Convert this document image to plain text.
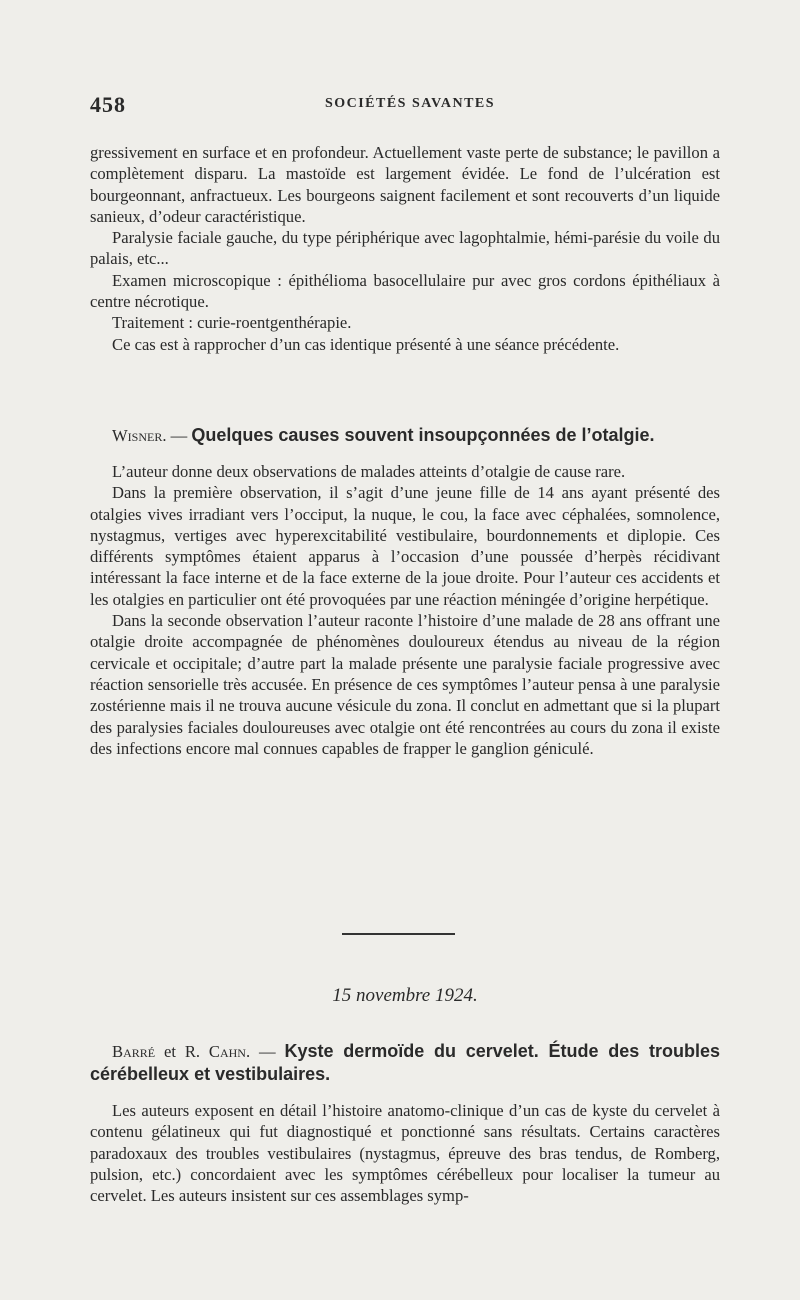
458	SOCIÉTÉS SAVANTES

gressivement en surface et en profondeur. Actuellement vaste perte de substance; le pavillon a complètement disparu. La mastoïde est largement évidée. Le fond de l’ulcération est bourgeonnant, anfractueux. Les bourgeons saignent facilement et sont recouverts d’un liquide sanieux, d’odeur caractéristique.

Paralysie faciale gauche, du type périphérique avec lagophtalmie, hémi-parésie du voile du palais, etc...

Examen microscopique : épithélioma basocellulaire pur avec gros cordons épithéliaux à centre nécrotique.

Traitement : curie-roentgenthérapie.

Ce cas est à rapprocher d’un cas identique présenté à une séance précédente.

Wisner. — Quelques causes souvent insoupçonnées de l’otalgie.

L’auteur donne deux observations de malades atteints d’otalgie de cause rare.

Dans la première observation, il s’agit d’une jeune fille de 14 ans ayant présenté des otalgies vives irradiant vers l’occiput, la nuque, le cou, la face avec céphalées, somnolence, nystagmus, vertiges avec hyperexcitabilité vestibulaire, bourdonnements et diplopie. Ces différents symptômes étaient apparus à l’occasion d’une poussée d’herpès récidivant intéressant la face interne et de la face externe de la joue droite. Pour l’auteur ces accidents et les otalgies en particulier ont été provoquées par une réaction méningée d’origine herpétique.

Dans la seconde observation l’auteur raconte l’histoire d’une malade de 28 ans offrant une otalgie droite accompagnée de phénomènes douloureux étendus au niveau de la région cervicale et occipitale; d’autre part la malade présente une paralysie faciale progressive avec réaction sensorielle très accusée. En présence de ces symptômes l’auteur pensa à une paralysie zostérienne mais il ne trouva aucune vésicule du zona. Il conclut en admettant que si la plupart des paralysies faciales douloureuses avec otalgie ont été rencontrées au cours du zona il existe des infections encore mal connues capables de frapper le ganglion géniculé.

15 novembre 1924.

Barré et R. Cahn. — Kyste dermoïde du cervelet. Étude des troubles cérébelleux et vestibulaires.

Les auteurs exposent en détail l’histoire anatomo-clinique d’un cas de kyste du cervelet à contenu gélatineux qui fut diagnostiqué et ponctionné sans résultats. Certains caractères paradoxaux des troubles vestibulaires (nystagmus, épreuve des bras tendus, de Romberg, pulsion, etc.) concordaient avec les symptômes cérébelleux pour localiser la tumeur au cervelet. Les auteurs insistent sur ces assemblages symp-
